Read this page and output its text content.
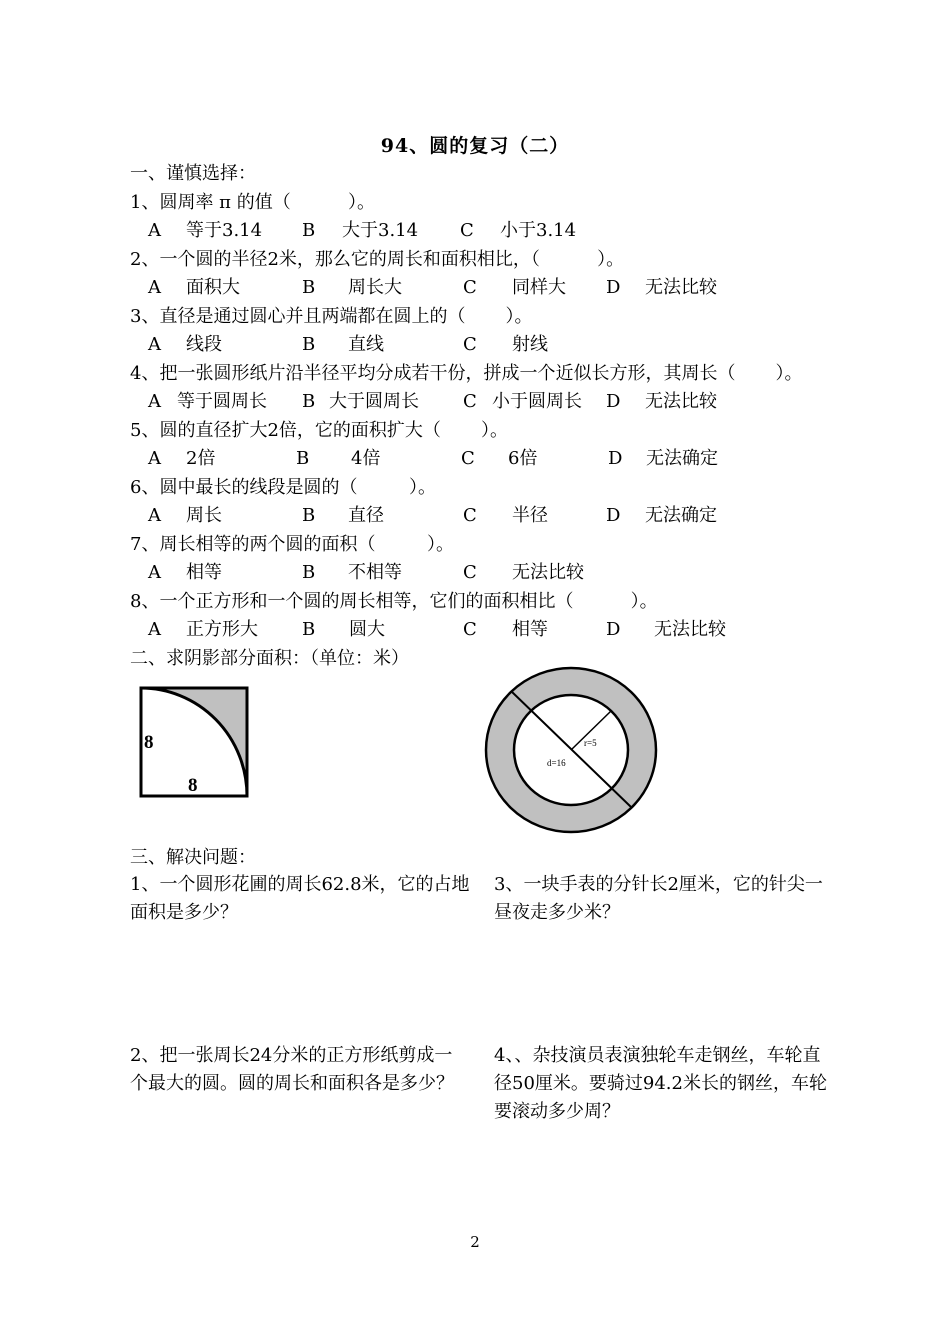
94、圆的复习（二）
一、谨慎选择：
1、圆周率 π 的值（          ）。
A 等于3.14 B 大于3.14 C 小于3.14
2、一个圆的半径2米，那么它的周长和面积相比，（          ）。
A 面积大	B 周长大	C 同样大 D 无法比较
3、直径是通过圆心并且两端都在圆上的（       ）。
A 线段	B 直线	C 射线
4、把一张圆形纸片沿半径平均分成若干份，拼成一个近似长方形，其周长（       ）。
A 等于圆周长 B 大于圆周长 C 小于圆周长 D 无法比较
5、圆的直径扩大2倍，它的面积扩大（       ）。
A 2倍	B 4倍	C 6倍	D 无法确定
6、圆中最长的线段是圆的（         ）。
A 周长	B 直径	C 半径	D 无法确定
7、周长相等的两个圆的面积（         ）。
A 相等	B 不相等	C 无法比较
8、一个正方形和一个圆的周长相等，它们的面积相比（          ）。
A 正方形大 B 圆大	C 相等	D 无法比较
二、求阴影部分面积：（单位：米）
8
8
r=5
d=16
三、解决问题：
1、一个圆形花圃的周长62.8米，它的占地面积是多少？
3、一块手表的分针长2厘米，它的针尖一昼夜走多少米？
2、把一张周长24分米的正方形纸剪成一个最大的圆。圆的周长和面积各是多少？
4、、杂技演员表演独轮车走钢丝，车轮直径50厘米。要骑过94.2米长的钢丝，车轮要滚动多少周？
2
